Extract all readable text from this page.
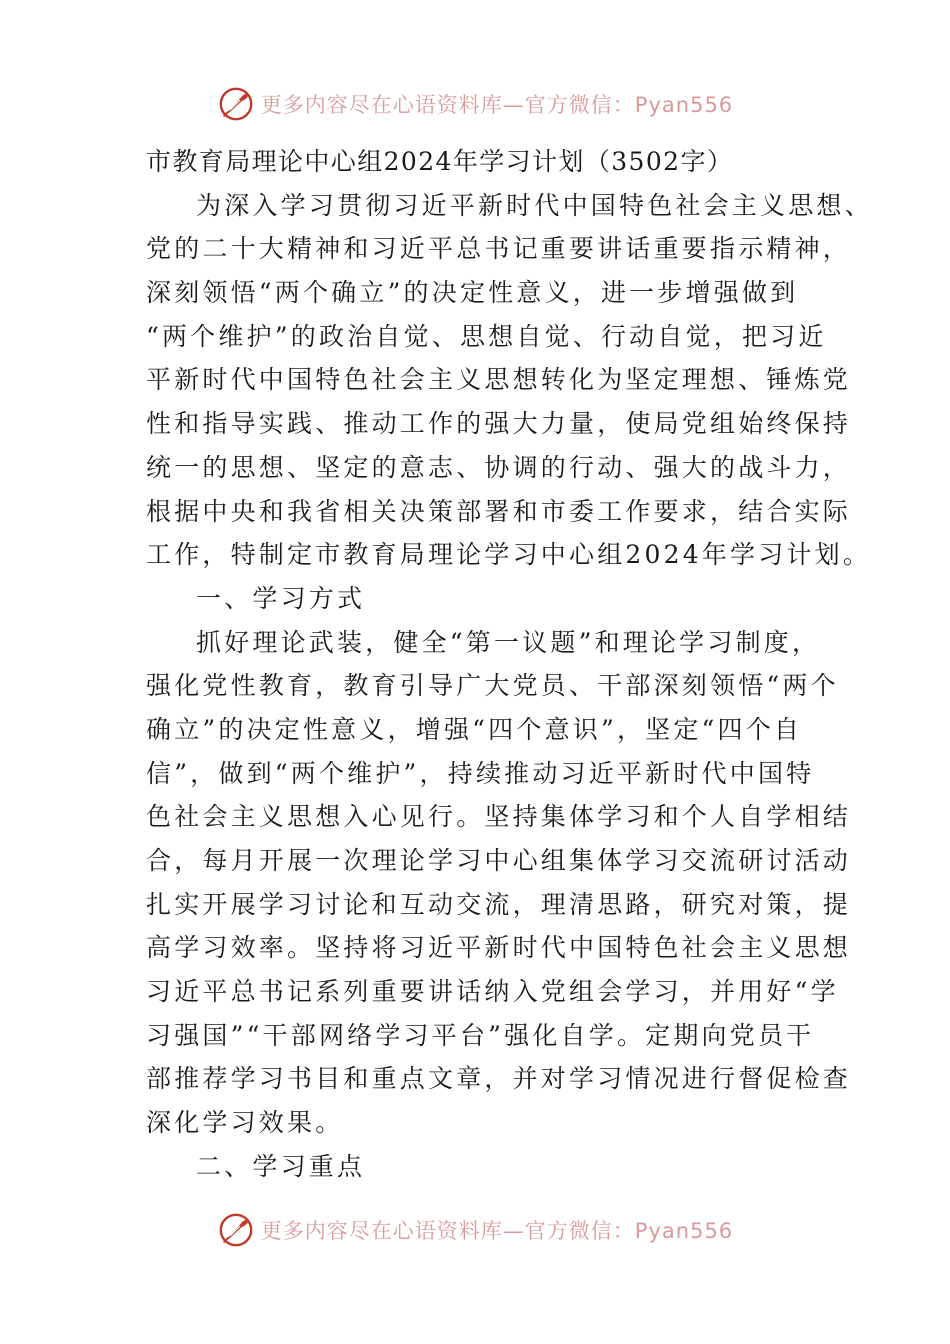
更多内容尽在心语资料库—官方微信：Pyan556
市教育局理论中心组2024年学习计划（3502字）
为深入学习贯彻习近平新时代中国特色社会主义思想、
党的二十大精神和习近平总书记重要讲话重要指示精神，
深刻领悟“两个确立”的决定性意义，进一步增强做到
“两个维护”的政治自觉、思想自觉、行动自觉，把习近
平新时代中国特色社会主义思想转化为坚定理想、锤炼党
性和指导实践、推动工作的强大力量，使局党组始终保持
统一的思想、坚定的意志、协调的行动、强大的战斗力，
根据中央和我省相关决策部署和市委工作要求，结合实际
工作，特制定市教育局理论学习中心组2024年学习计划。
一、学习方式
抓好理论武装，健全“第一议题”和理论学习制度，
强化党性教育，教育引导广大党员、干部深刻领悟“两个
确立”的决定性意义，增强“四个意识”，坚定“四个自
信”，做到“两个维护”，持续推动习近平新时代中国特
色社会主义思想入心见行。坚持集体学习和个人自学相结
合，每月开展一次理论学习中心组集体学习交流研讨活动
扎实开展学习讨论和互动交流，理清思路，研究对策，提
高学习效率。坚持将习近平新时代中国特色社会主义思想
习近平总书记系列重要讲话纳入党组会学习，并用好“学
习强国”“干部网络学习平台”强化自学。定期向党员干
部推荐学习书目和重点文章，并对学习情况进行督促检查
深化学习效果。
二、学习重点
更多内容尽在心语资料库—官方微信：Pyan556
